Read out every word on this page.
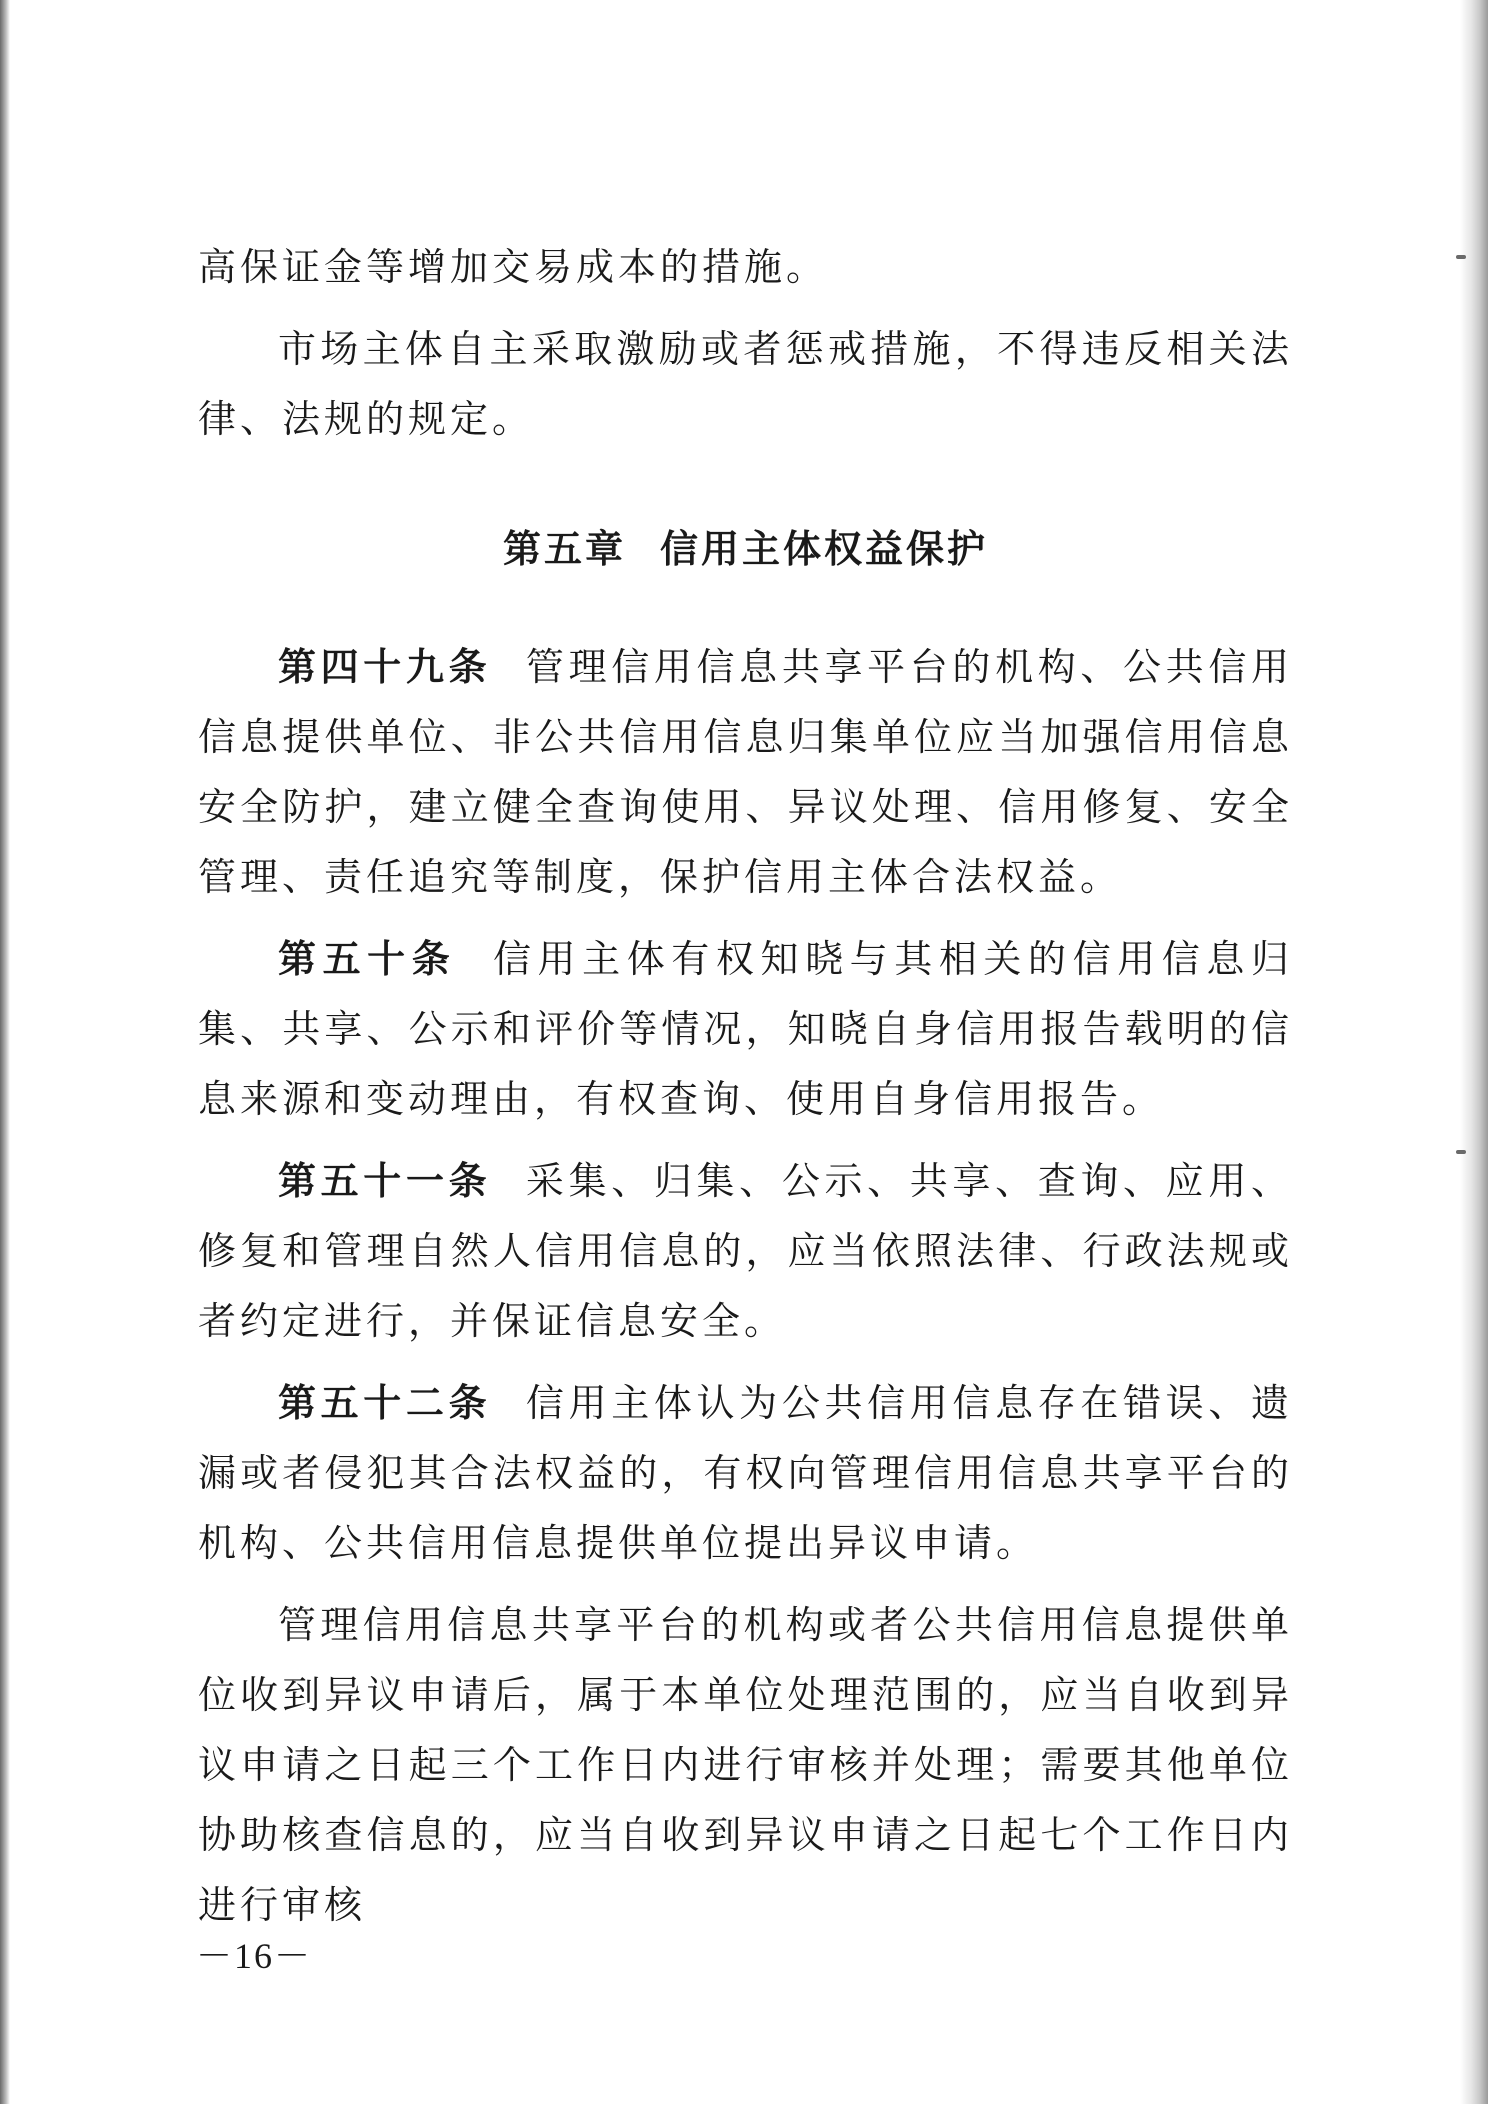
高保证金等增加交易成本的措施。

市场主体自主采取激励或者惩戒措施，不得违反相关法律、法规的规定。

第五章 信用主体权益保护

第四十九条 管理信用信息共享平台的机构、公共信用信息提供单位、非公共信用信息归集单位应当加强信用信息安全防护，建立健全查询使用、异议处理、信用修复、安全管理、责任追究等制度，保护信用主体合法权益。

第五十条 信用主体有权知晓与其相关的信用信息归集、共享、公示和评价等情况，知晓自身信用报告载明的信息来源和变动理由，有权查询、使用自身信用报告。

第五十一条 采集、归集、公示、共享、查询、应用、修复和管理自然人信用信息的，应当依照法律、行政法规或者约定进行，并保证信息安全。

第五十二条 信用主体认为公共信用信息存在错误、遗漏或者侵犯其合法权益的，有权向管理信用信息共享平台的机构、公共信用信息提供单位提出异议申请。

管理信用信息共享平台的机构或者公共信用信息提供单位收到异议申请后，属于本单位处理范围的，应当自收到异议申请之日起三个工作日内进行审核并处理；需要其他单位协助核查信息的，应当自收到异议申请之日起七个工作日内进行审核

－16－
